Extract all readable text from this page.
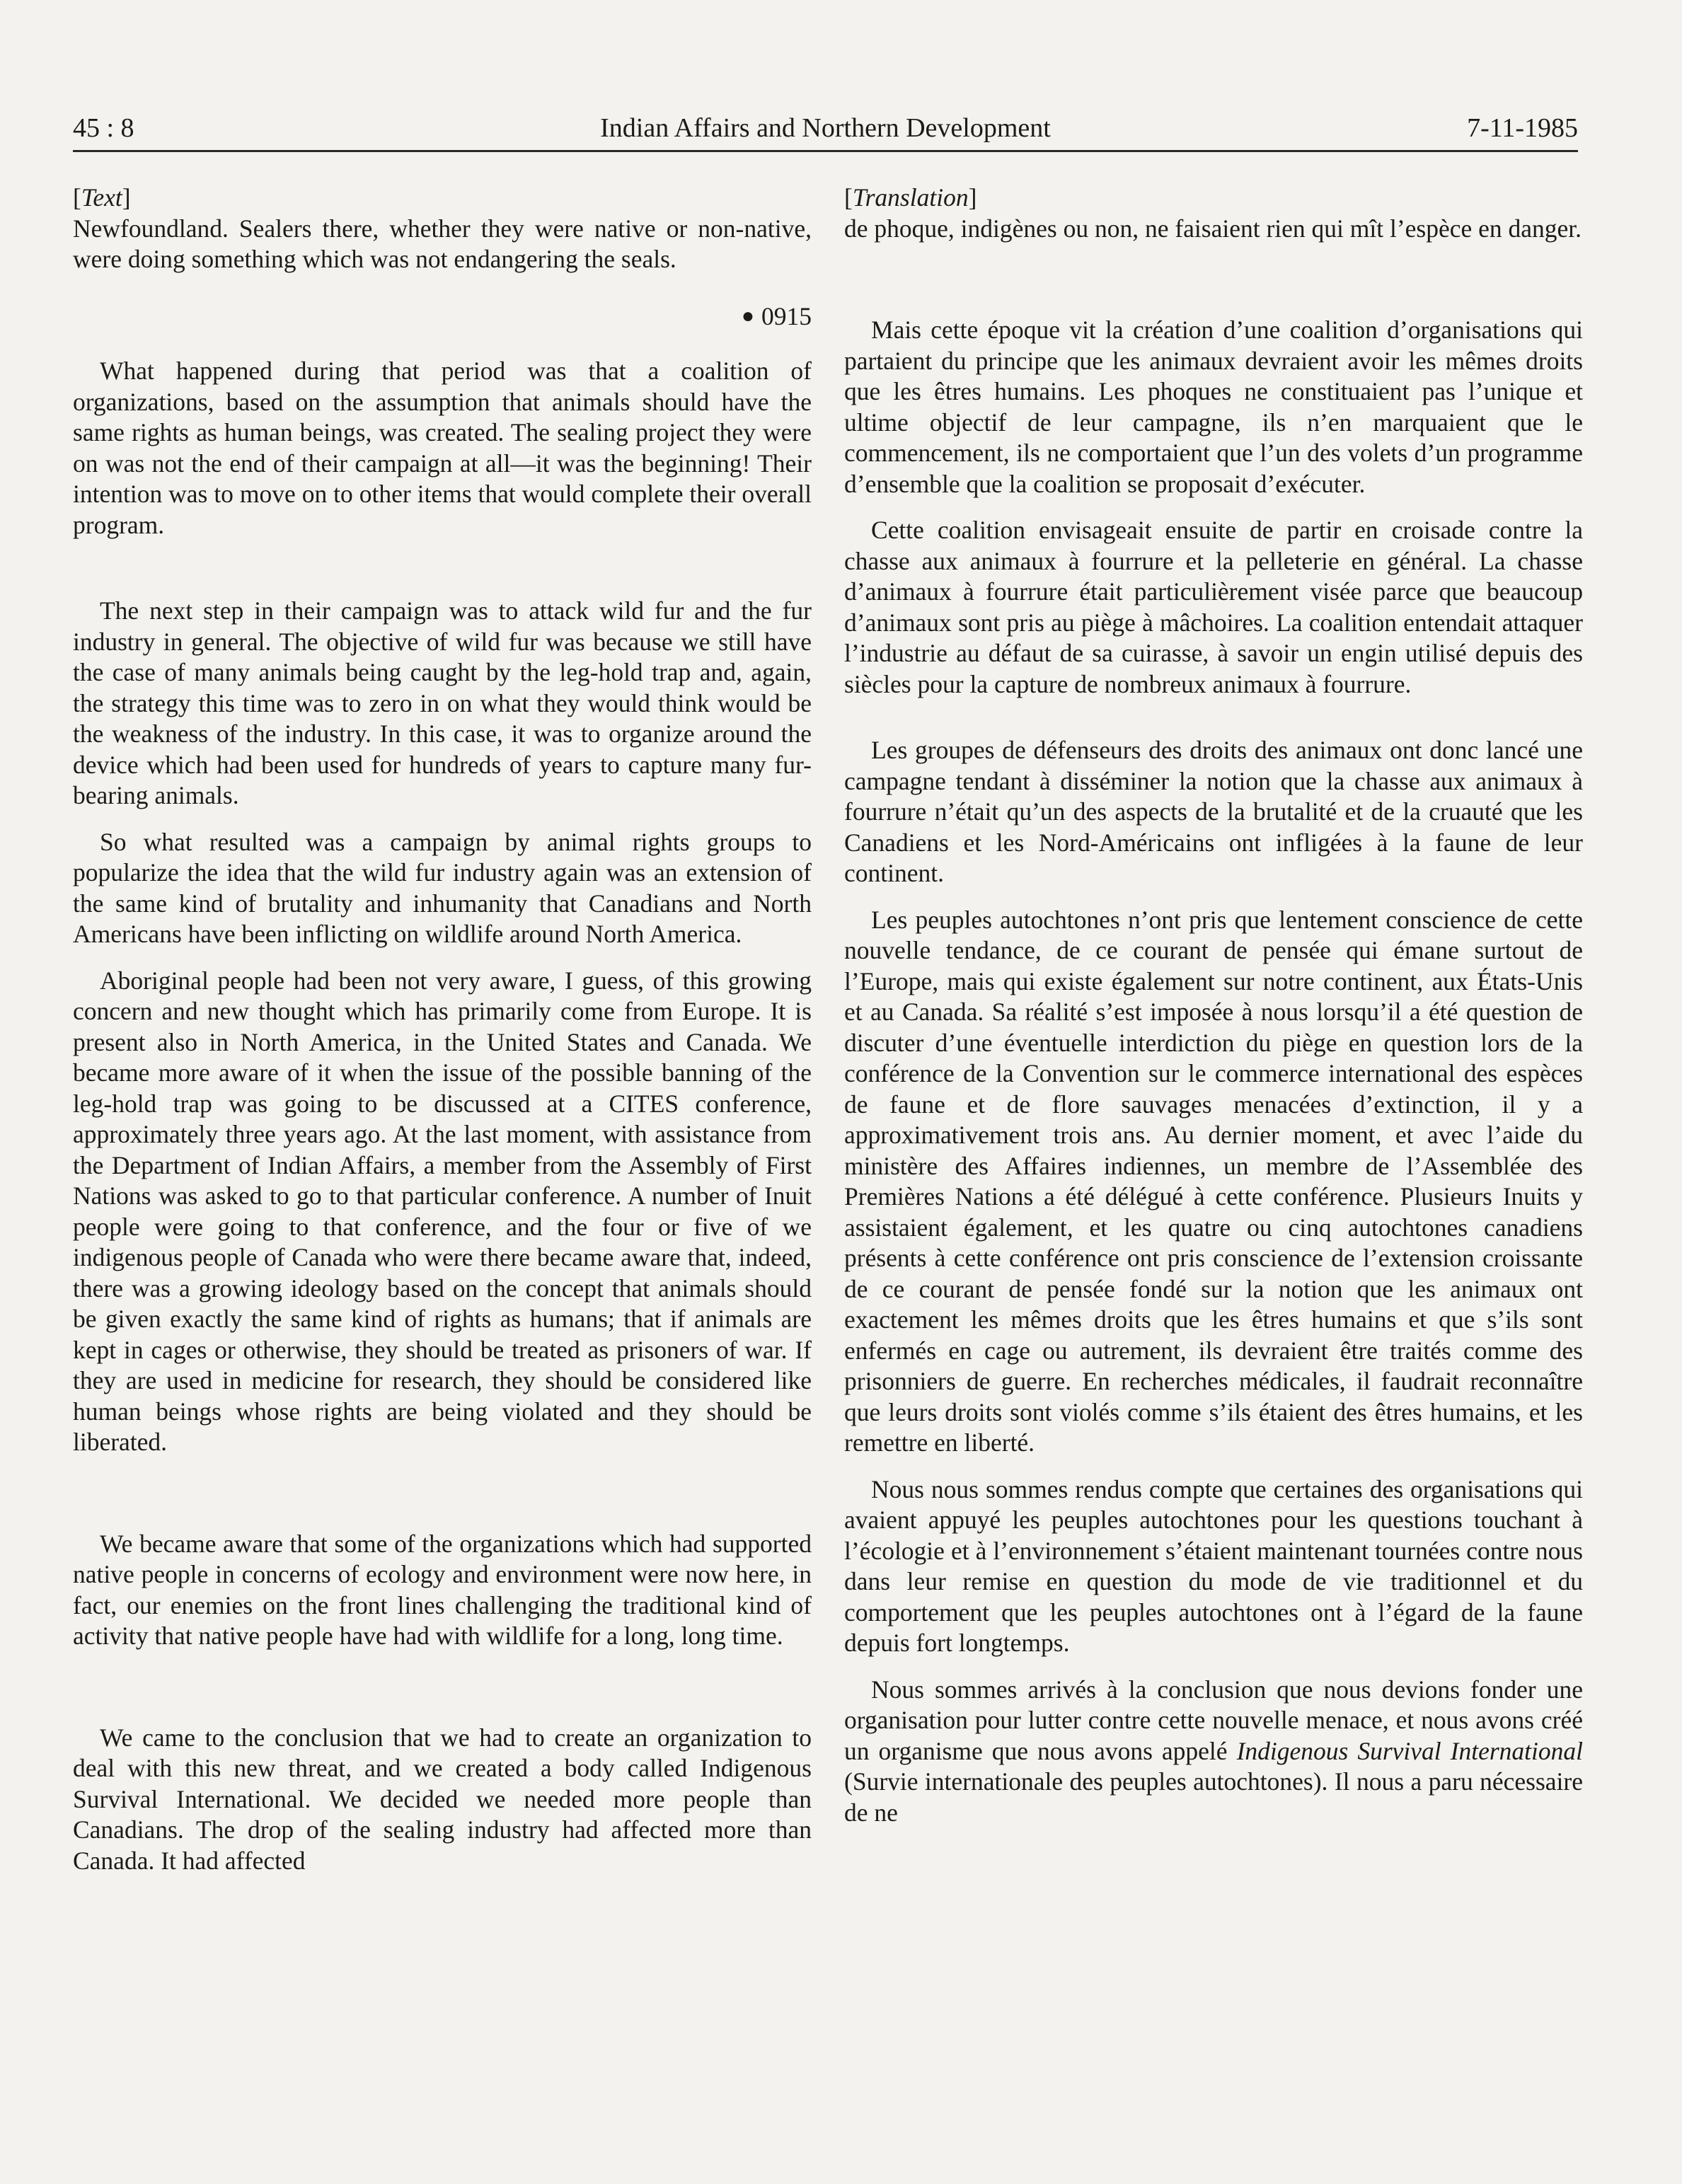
45 : 8	Indian Affairs and Northern Development	7-11-1985
[Text]

Newfoundland. Sealers there, whether they were native or non-native, were doing something which was not endangering the seals.

● 0915

What happened during that period was that a coalition of organizations, based on the assumption that animals should have the same rights as human beings, was created. The sealing project they were on was not the end of their campaign at all—it was the beginning! Their intention was to move on to other items that would complete their overall program.

The next step in their campaign was to attack wild fur and the fur industry in general. The objective of wild fur was because we still have the case of many animals being caught by the leg-hold trap and, again, the strategy this time was to zero in on what they would think would be the weakness of the industry. In this case, it was to organize around the device which had been used for hundreds of years to capture many fur-bearing animals.

So what resulted was a campaign by animal rights groups to popularize the idea that the wild fur industry again was an extension of the same kind of brutality and inhumanity that Canadians and North Americans have been inflicting on wildlife around North America.

Aboriginal people had been not very aware, I guess, of this growing concern and new thought which has primarily come from Europe. It is present also in North America, in the United States and Canada. We became more aware of it when the issue of the possible banning of the leg-hold trap was going to be discussed at a CITES conference, approximately three years ago. At the last moment, with assistance from the Department of Indian Affairs, a member from the Assembly of First Nations was asked to go to that particular conference. A number of Inuit people were going to that conference, and the four or five of we indigenous people of Canada who were there became aware that, indeed, there was a growing ideology based on the concept that animals should be given exactly the same kind of rights as humans; that if animals are kept in cages or otherwise, they should be treated as prisoners of war. If they are used in medicine for research, they should be considered like human beings whose rights are being violated and they should be liberated.

We became aware that some of the organizations which had supported native people in concerns of ecology and environment were now here, in fact, our enemies on the front lines challenging the traditional kind of activity that native people have had with wildlife for a long, long time.

We came to the conclusion that we had to create an organization to deal with this new threat, and we created a body called Indigenous Survival International. We decided we needed more people than Canadians. The drop of the sealing industry had affected more than Canada. It had affected

[Translation]

de phoque, indigènes ou non, ne faisaient rien qui mît l’espèce en danger.

Mais cette époque vit la création d’une coalition d’organisations qui partaient du principe que les animaux devraient avoir les mêmes droits que les êtres humains. Les phoques ne constituaient pas l’unique et ultime objectif de leur campagne, ils n’en marquaient que le commencement, ils ne comportaient que l’un des volets d’un programme d’ensemble que la coalition se proposait d’exécuter.

Cette coalition envisageait ensuite de partir en croisade contre la chasse aux animaux à fourrure et la pelleterie en général. La chasse d’animaux à fourrure était particulièrement visée parce que beaucoup d’animaux sont pris au piège à mâchoires. La coalition entendait attaquer l’industrie au défaut de sa cuirasse, à savoir un engin utilisé depuis des siècles pour la capture de nombreux animaux à fourrure.

Les groupes de défenseurs des droits des animaux ont donc lancé une campagne tendant à disséminer la notion que la chasse aux animaux à fourrure n’était qu’un des aspects de la brutalité et de la cruauté que les Canadiens et les Nord-Américains ont infligées à la faune de leur continent.

Les peuples autochtones n’ont pris que lentement conscience de cette nouvelle tendance, de ce courant de pensée qui émane surtout de l’Europe, mais qui existe également sur notre continent, aux États-Unis et au Canada. Sa réalité s’est imposée à nous lorsqu’il a été question de discuter d’une éventuelle interdiction du piège en question lors de la conférence de la Convention sur le commerce international des espèces de faune et de flore sauvages menacées d’extinction, il y a approximativement trois ans. Au dernier moment, et avec l’aide du ministère des Affaires indiennes, un membre de l’Assemblée des Premières Nations a été délégué à cette conférence. Plusieurs Inuits y assistaient également, et les quatre ou cinq autochtones canadiens présents à cette conférence ont pris conscience de l’extension croissante de ce courant de pensée fondé sur la notion que les animaux ont exactement les mêmes droits que les êtres humains et que s’ils sont enfermés en cage ou autrement, ils devraient être traités comme des prisonniers de guerre. En recherches médicales, il faudrait reconnaître que leurs droits sont violés comme s’ils étaient des êtres humains, et les remettre en liberté.

Nous nous sommes rendus compte que certaines des organisations qui avaient appuyé les peuples autochtones pour les questions touchant à l’écologie et à l’environnement s’étaient maintenant tournées contre nous dans leur remise en question du mode de vie traditionnel et du comportement que les peuples autochtones ont à l’égard de la faune depuis fort longtemps.

Nous sommes arrivés à la conclusion que nous devions fonder une organisation pour lutter contre cette nouvelle menace, et nous avons créé un organisme que nous avons appelé Indigenous Survival International (Survie internationale des peuples autochtones). Il nous a paru nécessaire de ne
